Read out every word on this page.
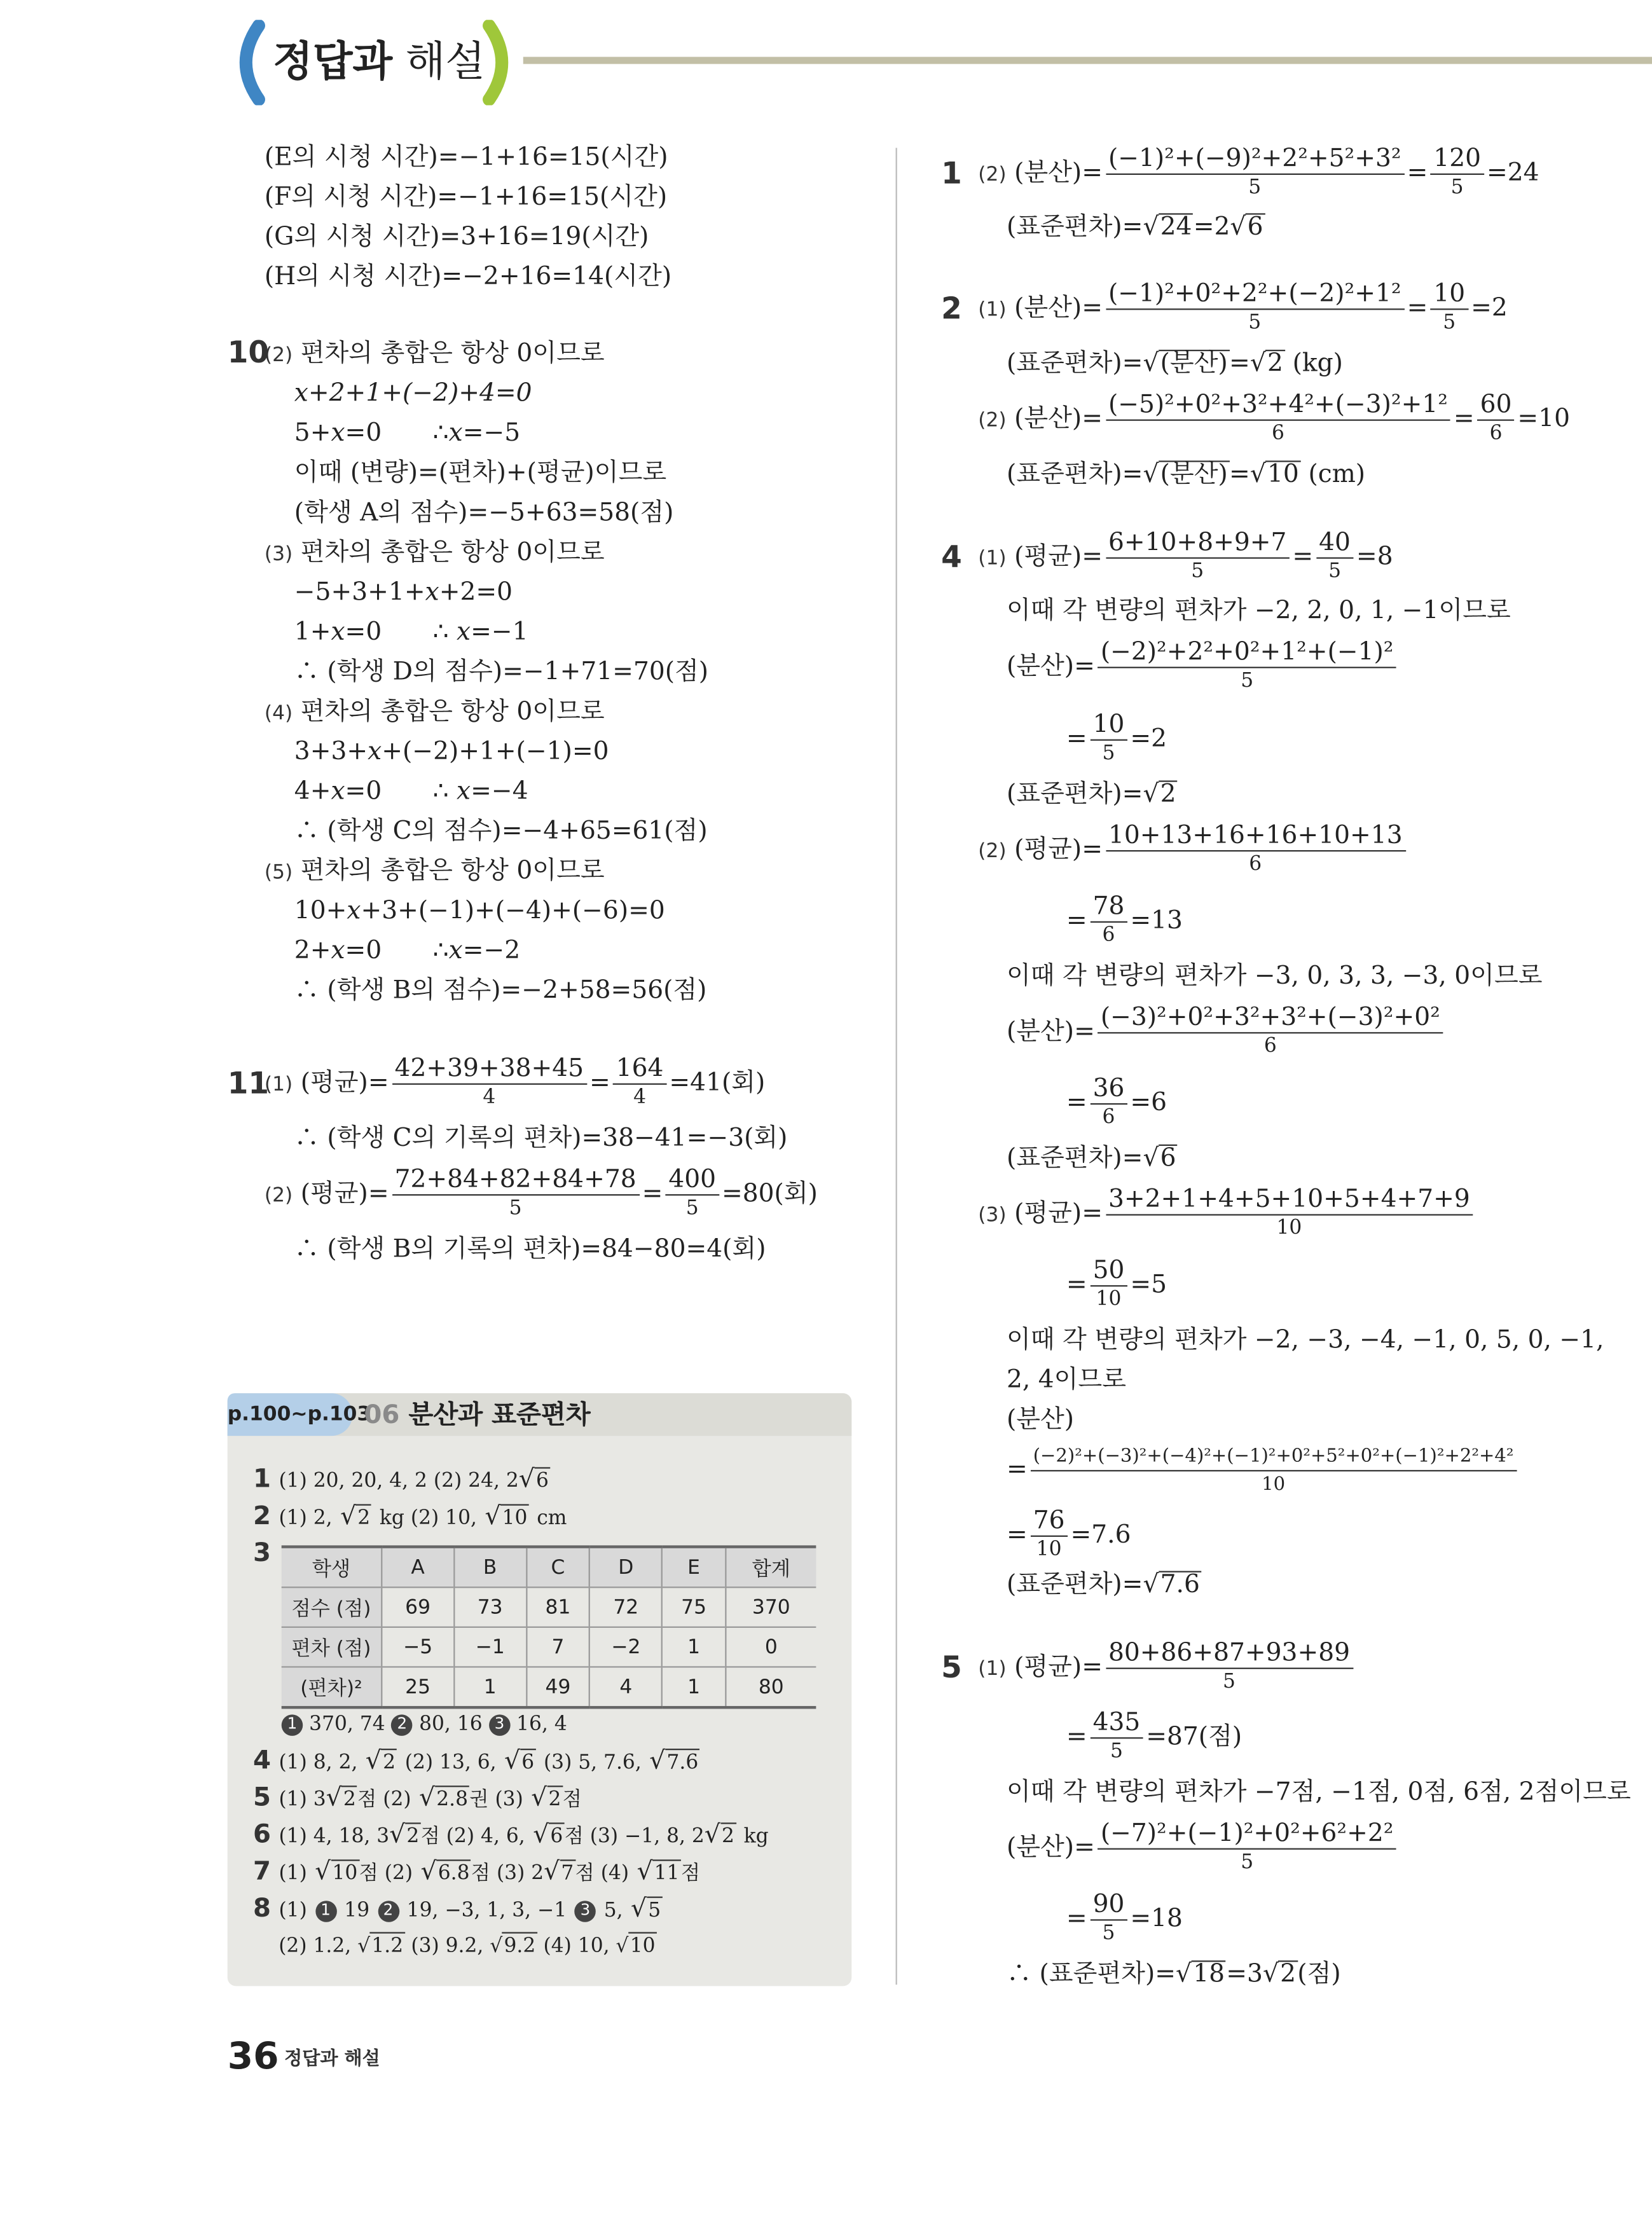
정답과 해설
(E의 시청 시간)=−1+16=15(시간)
(F의 시청 시간)=−1+16=15(시간)
(G의 시청 시간)=3+16=19(시간)
(H의 시청 시간)=−2+16=14(시간)
10
(2) 편차의 총합은 항상 0이므로
𝑥+2+1+(−2)+4=0
5+𝑥=0	∴𝑥=−5
이때 (변량)=(편차)+(평균)이므로
(학생 A의 점수)=−5+63=58(점)
(3) 편차의 총합은 항상 0이므로
−5+3+1+𝑥+2=0
1+𝑥=0	∴ 𝑥=−1
∴ (학생 D의 점수)=−1+71=70(점)
(4) 편차의 총합은 항상 0이므로
3+3+𝑥+(−2)+1+(−1)=0
4+𝑥=0	∴ 𝑥=−4
∴ (학생 C의 점수)=−4+65=61(점)
(5) 편차의 총합은 항상 0이므로
10+𝑥+3+(−1)+(−4)+(−6)=0
2+𝑥=0	∴𝑥=−2
∴ (학생 B의 점수)=−2+58=56(점)
11
(1) (평균)=
42+39+38+45
4
=
164
4
=41(회)
∴ (학생 C의 기록의 편차)=38−41=−3(회)
(2) (평균)= 72+84+82+84+78
5	= 400
5 =80(회)
∴ (학생 B의 기록의 편차)=84−80=4(회)
p.100~p.103
06 분산과 표준편차
1 (1) 20, 20, 4, 2 (2) 24, 2√ 6
2 (1) 2, √ 2 kg (2) 10, √ 10 cm
3
학생	A	B	C	D	E	합계
점수 (점)	69	73	81	72	75	370
편차 (점)	−5	−1	7	−2	1	0
(편차)²	25	1	49	4	1	80
1 370, 74 2 80, 16 3 16, 4
4 (1) 8, 2, √ 2 (2) 13, 6, √ 6 (3) 5, 7.6, √ 7.6
5 (1) 3√ 2 점 (2) √ 2.8 권 (3) √ 2 점
6 (1) 4, 18, 3√ 2 점 (2) 4, 6, √ 6 점 (3) −1, 8, 2√ 2 kg
7 (1) √ 10 점 (2) √ 6.8 점 (3) 2√ 7 점 (4) √ 11 점
8 (1) 1 19 2 19, −3, 1, 3, −1 3 5, √ 5
(2) 1.2, √ 1.2 (3) 9.2, √ 9.2 (4) 10, √ 10
1 (2) (분산)= (−1)²+(−9)²+2²+5²+3²
5	= 120
5 =24
(표준편차)=√ 24 =2√ 6
2 (1) (분산)= (−1)²+0²+2²+(−2)²+1²
5	= 10
5 =2
(표준편차)=√ (분산) =√ 2 (kg)
(2) (분산)= (−5)²+0²+3²+4²+(−3)²+1²
6	= 60
6 =10
(표준편차)=√ (분산) =√ 10 (cm)
4 (1) (평균)=
6+10+8+9+7
5	=
40
5 =8
이때 각 변량의 편차가 −2, 2, 0, 1, −1이므로
(분산)= (−2)²+2²+0²+1²+(−1)²
5
=
10
5
=2
(표준편차)=√ 2
(2) (평균)= 10+13+16+16+10+13
6
= 78
6
=13
이때 각 변량의 편차가 −3, 0, 3, 3, −3, 0이므로
(분산)= (−3)²+0²+3²+3²+(−3)²+0²
6
= 36
6 =6
(표준편차)=√ 6
(3) (평균)=
3+2+1+4+5+10+5+4+7+9
10
= 50
10 =5
이때 각 변량의 편차가 −2, −3, −4, −1, 0, 5, 0, −1,
2, 4이므로
(분산)
= $\frac{\text{(−2)²+(−3)²+(−4)²+(−1)²+0²+5²+0²+(−1)²+2²+4²}}{10}$
= 76
10
=7.6
(표준편차)=√ 7.6
5 (1) (평균)= 80+86+87+93+89
5
= 435
5 =87(점)
이때 각 변량의 편차가 −7점, −1점, 0점, 6점, 2점이므로
(분산)= (−7)²+(−1)²+0²+6²+2²
5
= 90
5
=18
∴ (표준편차)=√ 18 =3√ 2 (점)
36 정답과 해설
